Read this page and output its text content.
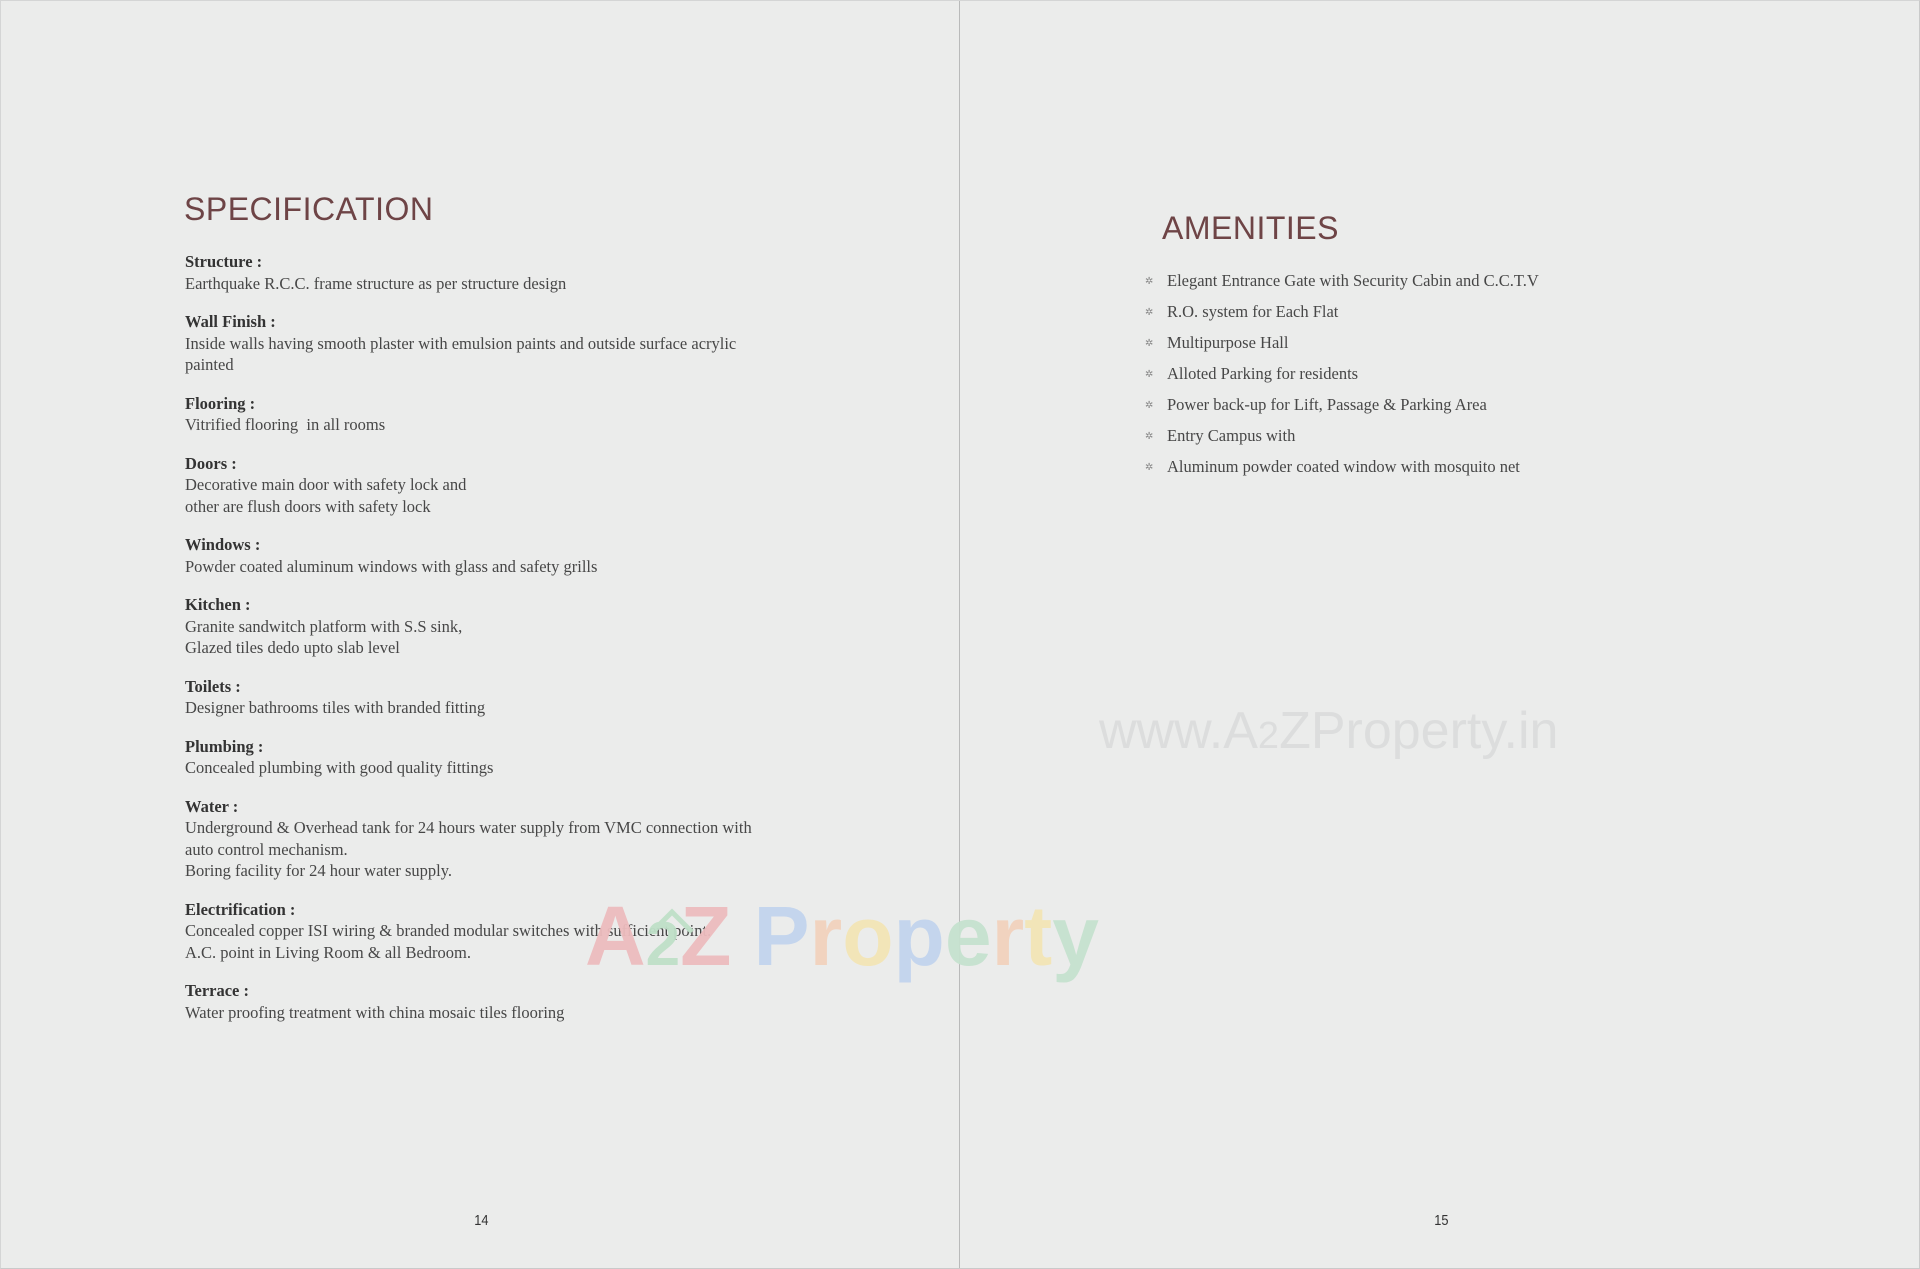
SPECIFICATION
Structure :
Earthquake R.C.C. frame structure as per structure design
Wall Finish :
Inside walls having smooth plaster with emulsion paints and outside surface acrylic
painted
Flooring :
Vitrified flooring  in all rooms
Doors :
Decorative main door with safety lock and
other are flush doors with safety lock
Windows :
Powder coated aluminum windows with glass and safety grills
Kitchen :
Granite sandwitch platform with S.S sink,
Glazed tiles dedo upto slab level
Toilets :
Designer bathrooms tiles with branded fitting
Plumbing :
Concealed plumbing with good quality fittings
Water :
Underground & Overhead tank for 24 hours water supply from VMC connection with
auto control mechanism.
Boring facility for 24 hour water supply.
Electrification :
Concealed copper ISI wiring & branded modular switches with sufficient point.
A.C. point in Living Room & all Bedroom.
Terrace :
Water proofing treatment with china mosaic tiles flooring
14
AMENITIES
✲ Elegant Entrance Gate with Security Cabin and C.C.T.V
✲ R.O. system for Each Flat
✲ Multipurpose Hall
✲ Alloted Parking for residents
✲ Power back-up for Lift, Passage & Parking Area
✲ Entry Campus with
✲ Aluminum powder coated window with mosquito net
15
www.A2ZProperty.in
A
2Z Property
